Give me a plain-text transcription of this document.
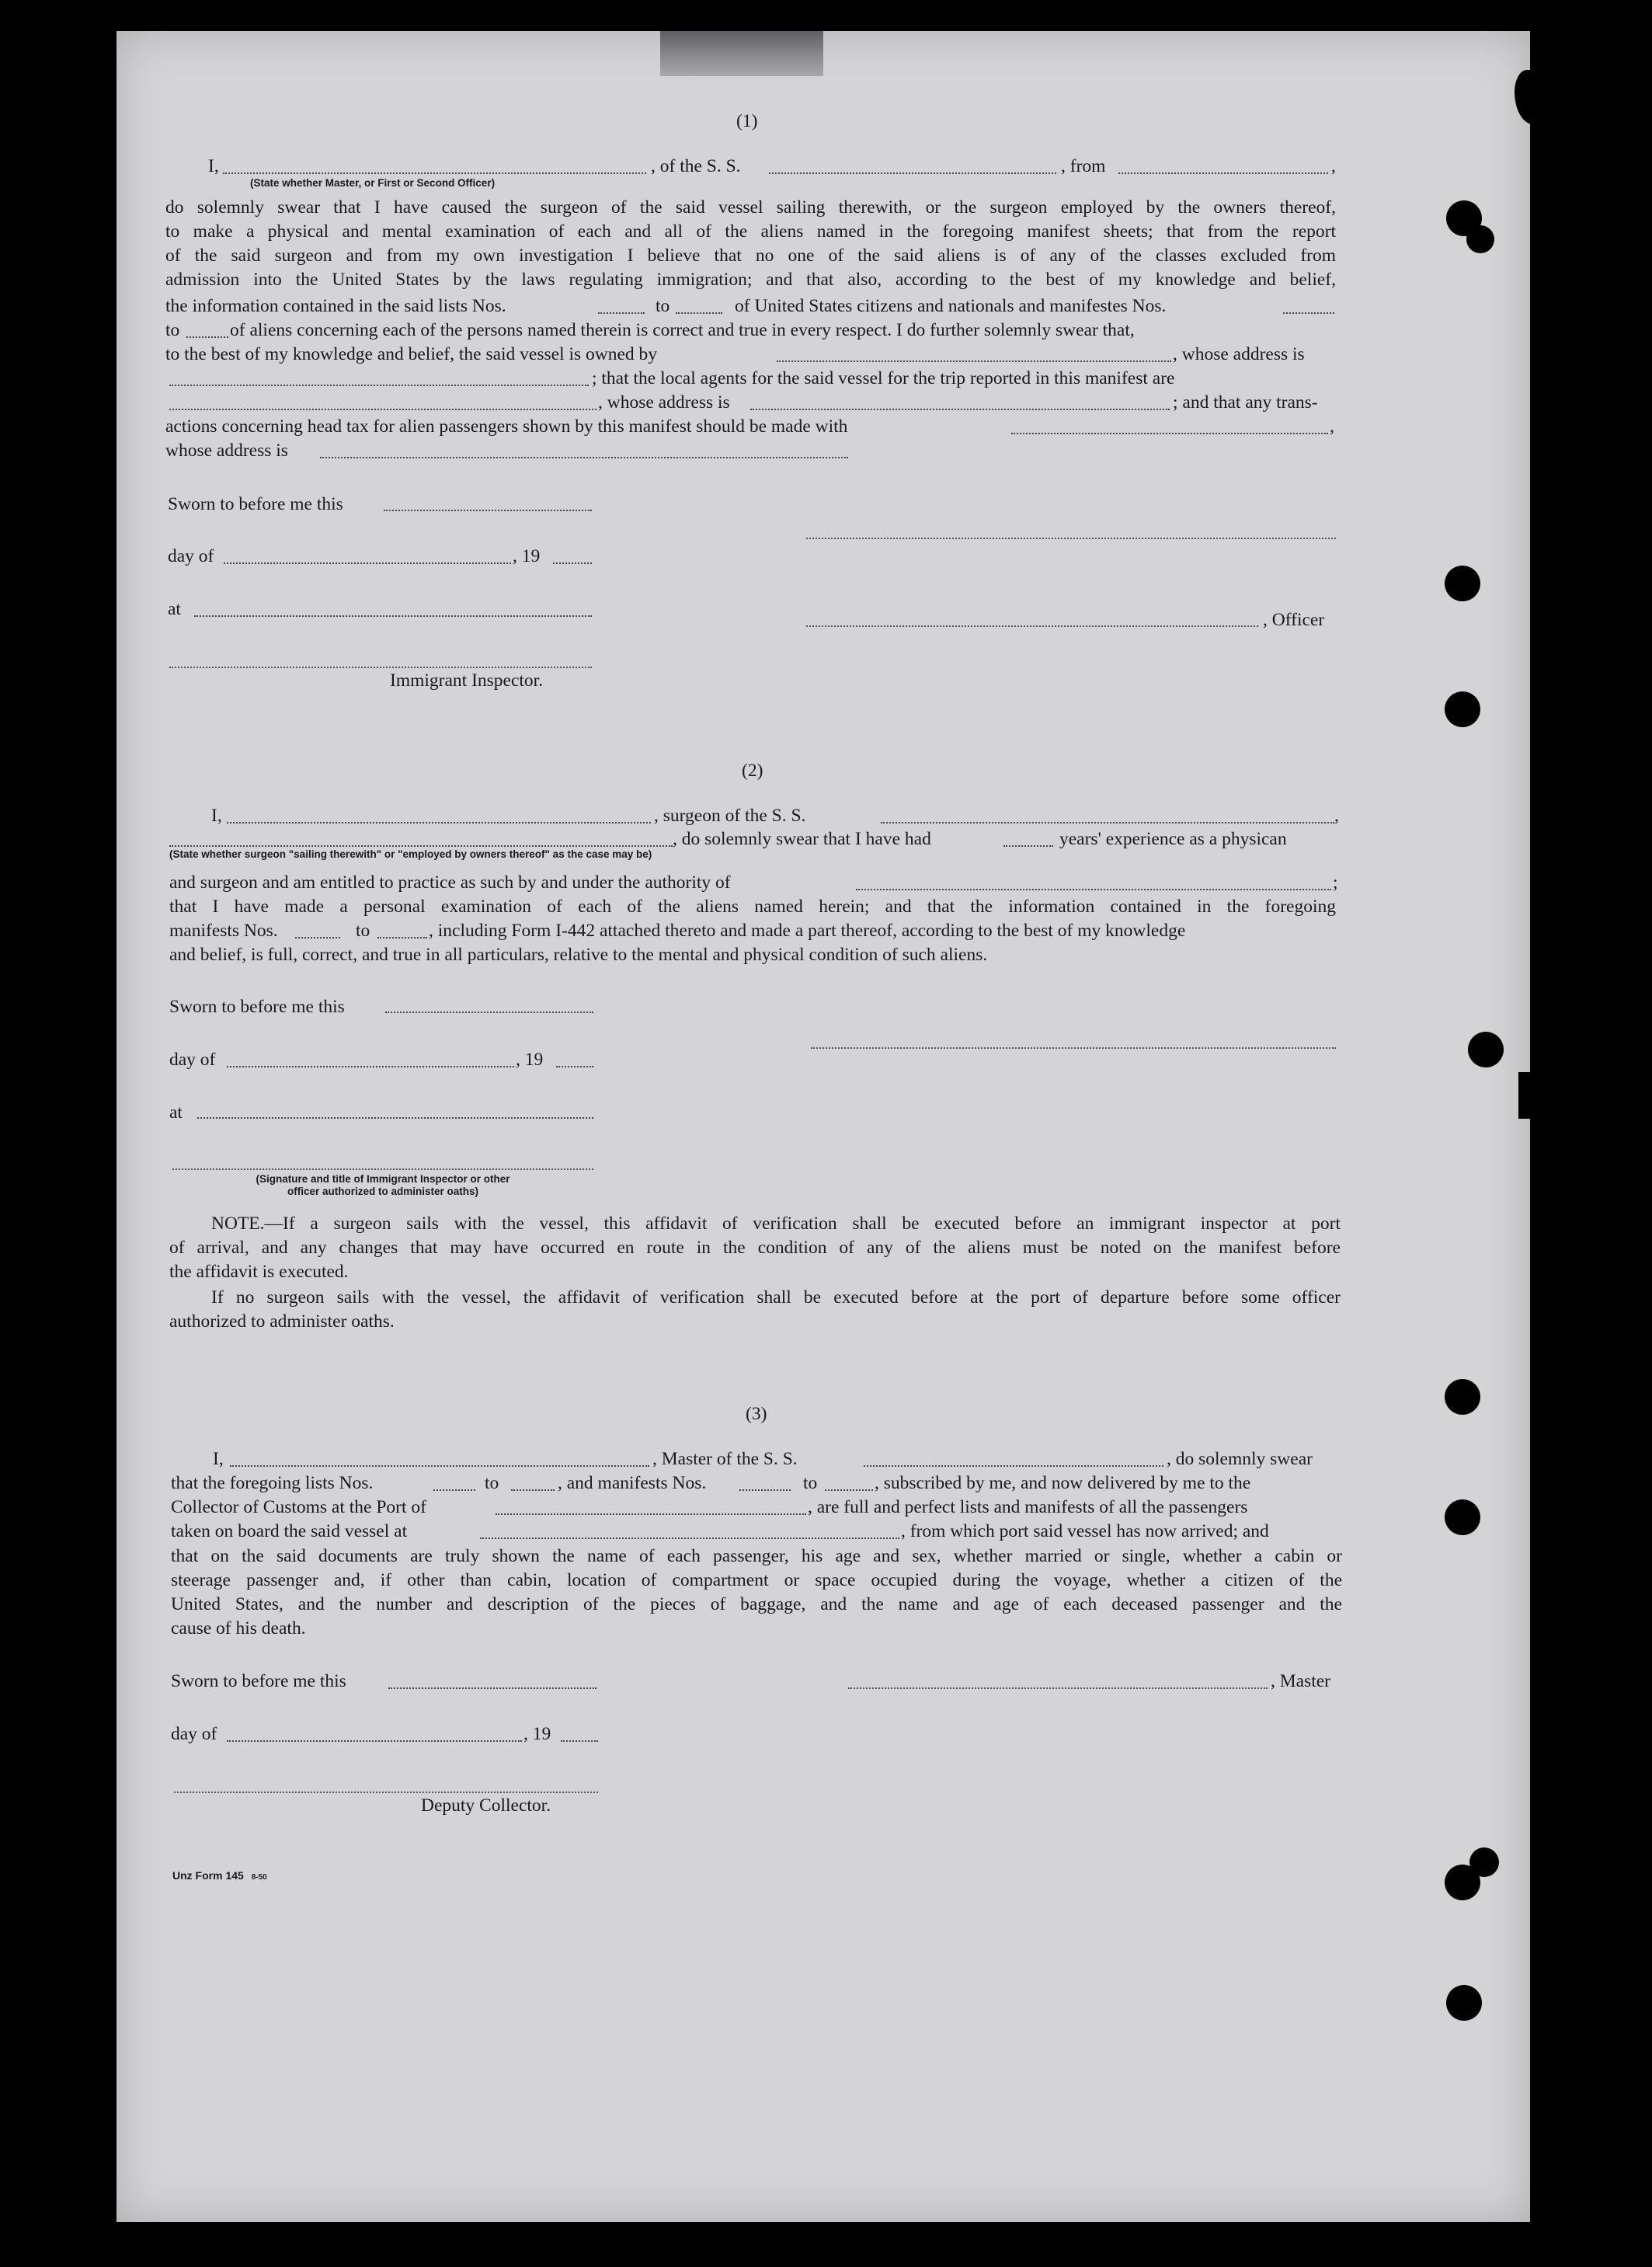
(1)
I,	, of the S. S.	, from	,
(State whether Master, or First or Second Officer)
do solemnly swear that I have caused the surgeon of the said vessel sailing therewith, or the surgeon employed by the owners thereof,
to make a physical and mental examination of each and all of the aliens named in the foregoing manifest sheets; that from the report
of the said surgeon and from my own investigation I believe that no one of the said aliens is of any of the classes excluded from
admission into the United States by the laws regulating immigration; and that also, according to the best of my knowledge and belief,
the information contained in the said lists Nos.	to	of United States citizens and nationals and manifestes Nos.
to	of aliens concerning each of the persons named therein is correct and true in every respect. I do further solemnly swear that,
to the best of my knowledge and belief, the said vessel is owned by	, whose address is
; that the local agents for the said vessel for the trip reported in this manifest are
, whose address is	; and that any trans-
actions concerning head tax for alien passengers shown by this manifest should be made with	,
whose address is
Sworn to before me this
day of	, 19
at
, Officer
Immigrant Inspector.
(2)
I,	, surgeon of the S. S.	,
, do solemnly swear that I have had	years' experience as a physican
(State whether surgeon "sailing therewith" or "employed by owners thereof" as the case may be)
and surgeon and am entitled to practice as such by and under the authority of	;
that I have made a personal examination of each of the aliens named herein; and that the information contained in the foregoing
manifests Nos.	to	, including Form I-442 attached thereto and made a part thereof, according to the best of my knowledge
and belief, is full, correct, and true in all particulars, relative to the mental and physical condition of such aliens.
Sworn to before me this
day of	, 19
at
(Signature and title of Immigrant Inspector or other
officer authorized to administer oaths)
NOTE.—If a surgeon sails with the vessel, this affidavit of verification shall be executed before an immigrant inspector at port
of arrival, and any changes that may have occurred en route in the condition of any of the aliens must be noted on the manifest before
the affidavit is executed.
If no surgeon sails with the vessel, the affidavit of verification shall be executed before at the port of departure before some officer
authorized to administer oaths.
(3)
I,	, Master of the S. S.	, do solemnly swear
that the foregoing lists Nos.	to	, and manifests Nos.	to	, subscribed by me, and now delivered by me to the
Collector of Customs at the Port of	, are full and perfect lists and manifests of all the passengers
taken on board the said vessel at	, from which port said vessel has now arrived; and
that on the said documents are truly shown the name of each passenger, his age and sex, whether married or single, whether a cabin or
steerage passenger and, if other than cabin, location of compartment or space occupied during the voyage, whether a citizen of the
United States, and the number and description of the pieces of baggage, and the name and age of each deceased passenger and the
cause of his death.
Sworn to before me this	, Master
day of	, 19
Deputy Collector.
Unz Form 145 8-50
